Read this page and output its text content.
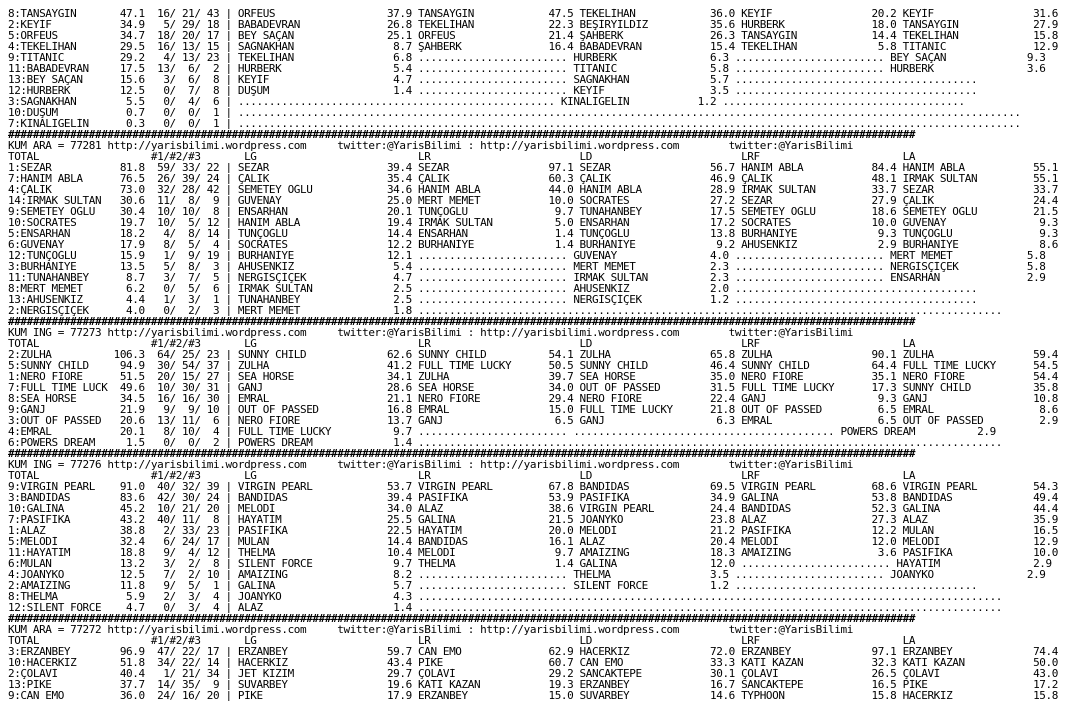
8:TANSAYGIN       47.1  16/ 21/ 43 | ORFEUS                  37.9 TANSAYGIN            47.5 TEKELİHAN            36.0 KEYİF                20.2 KEYİF                31.6
2:KEYİF           34.9   5/ 29/ 18 | BABADEVRAN              26.8 TEKELİHAN            22.3 BEŞİRYILDIZ          35.6 HÜRBERK              18.0 TANSAYGIN            27.9
5:ORFEUS          34.7  18/ 20/ 17 | BEY SAÇAN               25.1 ORFEUS               21.4 ŞAHBERK              26.3 TANSAYGIN            14.4 TEKELİHAN            15.8
4:TEKELİHAN       29.5  16/ 13/ 15 | SAĞNAKHAN                8.7 ŞAHBERK              16.4 BABADEVRAN           15.4 TEKELİHAN             5.8 TITANIC              12.9
9:TITANIC         29.2   4/ 13/ 23 | TEKELİHAN                6.8 ........................ HÜRBERK               6.3 ........................ BEY SAÇAN             9.3
11:BABADEVRAN     17.5  13/  6/  2 | HÜRBERK                  5.4 ........................ TITANIC               5.8 ........................ HÜRBERK               3.6
13:BEY SAÇAN      15.6   3/  6/  8 | KEYİF                    4.7 ........................ SAĞNAKHAN             5.7 .......................................
12:HÜRBERK        12.5   0/  7/  8 | DÜŞÜM                    1.4 ........................ KEYİF                 3.5 .......................................
3:SAĞNAKHAN        5.5   0/  4/  6 | ................................................... KINALIGELİN           1.2 .......................................
10:DÜŞÜM           0.7   0/  0/  1 | ..............................................................................................................................
7:KINALIGELİN      0.3   0/  0/  1 | ..............................................................................................................................
##################################################################################################################################################
KUM ARA = 77281 http://yarisbilimi.wordpress.com     twitter:@YarisBilimi : http://yarisbilimi.wordpress.com        twitter:@YarisBilimi
TOTAL                  #1/#2/#3       LG                          LR                        LD                        LRF                       LA
1:SEZAR           81.8  59/ 33/ 22 | SEZAR                   39.4 SEZAR                97.1 SEZAR                56.7 HANIM ABLA           84.4 HANIM ABLA           55.1
7:HANIM ABLA      76.5  26/ 39/ 24 | ÇALIK                   35.4 ÇALIK                60.3 ÇALIK                46.9 ÇALIK                48.1 IRMAK SULTAN         55.1
4:ÇALIK           73.0  32/ 28/ 42 | SEMETEY OĞLU            34.6 HANIM ABLA           44.0 HANIM ABLA           28.9 IRMAK SULTAN         33.7 SEZAR                33.7
14:IRMAK SULTAN   30.6  11/  8/  9 | GÜVENAY                 25.0 MERT MEMET           10.0 SOCRATES             27.2 SEZAR                27.9 ÇALIK                24.4
9:SEMETEY OĞLU    30.4  10/ 10/  8 | ENSARHAN                20.1 TUNÇOĞLU              9.7 TUNAHANBEY           17.5 SEMETEY OĞLU         18.6 SEMETEY OĞLU         21.5
10:SOCRATES       19.7  10/  5/ 12 | HANIM ABLA              19.4 IRMAK SULTAN          5.0 ENSARHAN             17.2 SOCRATES             10.0 GÜVENAY               9.3
5:ENSARHAN        18.2   4/  8/ 14 | TUNÇOĞLU                14.4 ENSARHAN              1.4 TUNÇOĞLU             13.8 BURHANİYE             9.3 TUNÇOĞLU              9.3
6:GÜVENAY         17.9   8/  5/  4 | SOCRATES                12.2 BURHANİYE             1.4 BURHANİYE             9.2 AHUSENKIZ             2.9 BURHANİYE             8.6
12:TUNÇOĞLU       15.9   1/  9/ 19 | BURHANİYE               12.1 ........................ GÜVENAY               4.0 ........................ MERT MEMET            5.8
3:BURHANİYE       13.5   5/  8/  3 | AHUSENKIZ                5.4 ........................ MERT MEMET            2.3 ........................ NERGİSÇİÇEK           5.8
11:TUNAHANBEY      8.7   3/  7/  5 | NERGİSÇİÇEK              4.7 ........................ IRMAK SULTAN          2.3 ........................ ENSARHAN              2.9
8:MERT MEMET       6.2   0/  5/  6 | IRMAK SULTAN             2.5 ........................ AHUSENKIZ             2.0 .......................................
13:AHUSENKIZ       4.4   1/  3/  1 | TUNAHANBEY               2.5 ........................ NERGİSÇİÇEK           1.2 .......................................
2:NERGİSÇİÇEK      4.0   0/  2/  3 | MERT MEMET               1.8 ..............................................................................................
##################################################################################################################################################
KUM ING = 77273 http://yarisbilimi.wordpress.com     twitter:@YarisBilimi : http://yarisbilimi.wordpress.com        twitter:@YarisBilimi
TOTAL                  #1/#2/#3       LG                          LR                        LD                        LRF                       LA
2:ZÜLHA          106.3  64/ 25/ 23 | SUNNY CHILD             62.6 SUNNY CHILD          54.1 ZÜLHA                65.8 ZÜLHA                90.1 ZÜLHA                59.4
5:SUNNY CHILD     94.9  30/ 54/ 37 | ZÜLHA                   41.2 FULL TIME LUCKY      50.5 SUNNY CHILD          46.4 SUNNY CHILD          64.4 FULL TIME LUCKY      54.5
1:NERO FIORE      51.5  20/ 15/ 27 | SEA HORSE               34.1 ZÜLHA                39.7 SEA HORSE            35.0 NERO FIORE           35.1 NERO FIORE           54.4
7:FULL TIME LUCK  49.6  10/ 30/ 31 | GANJ                    28.6 SEA HORSE            34.0 OUT OF PASSED        31.5 FULL TIME LUCKY      17.3 SUNNY CHILD          35.8
8:SEA HORSE       34.5  16/ 16/ 30 | EMRAL                   21.1 NERO FIORE           29.4 NERO FIORE           22.4 GANJ                  9.3 GANJ                 10.8
9:GANJ            21.9   9/  9/ 10 | OUT OF PASSED           16.8 EMRAL                15.0 FULL TIME LUCKY      21.8 OUT OF PASSED         6.5 EMRAL                 8.6
3:OUT OF PASSED   20.6  13/ 11/  6 | NERO FIORE              13.7 GANJ                  6.5 GANJ                  6.3 EMRAL                 6.5 OUT OF PASSED         2.9
4:EMRAL           20.1   8/ 10/  4 | FULL TIME LUCKY          9.7 ........................ .......................................... POWERS DREAM          2.9
6:POWERS DREAM     1.5   0/  0/  2 | POWERS DREAM             1.4 ..............................................................................................
##################################################################################################################################################
KUM ING = 77276 http://yarisbilimi.wordpress.com     twitter:@YarisBilimi : http://yarisbilimi.wordpress.com        twitter:@YarisBilimi
TOTAL                  #1/#2/#3       LG                          LR                        LD                        LRF                       LA
9:VIRGIN PEARL    91.0  40/ 32/ 39 | VIRGIN PEARL            53.7 VIRGIN PEARL         67.8 BANDİDAS             69.5 VIRGIN PEARL         68.6 VIRGIN PEARL         54.3
3:BANDİDAS        83.6  42/ 30/ 24 | BANDİDAS                39.4 PASİFİKA             53.9 PASİFİKA             34.9 GALINA               53.8 BANDİDAS             49.4
10:GALINA         45.2  10/ 21/ 20 | MELODİ                  34.0 ALAZ                 38.6 VIRGIN PEARL         24.4 BANDİDAS             52.3 GALINA               44.4
7:PASİFİKA        43.2  40/ 11/  8 | HAYATIM                 25.5 GALINA               21.5 JOANYKO              23.8 ALAZ                 27.3 ALAZ                 35.9
1:ALAZ            38.8   2/ 33/ 23 | PASİFİKA                22.5 HAYATIM              20.0 MELODİ               21.2 PASİFİKA             12.2 MULAN                16.5
5:MELODİ          32.4   6/ 24/ 17 | MULAN                   14.4 BANDİDAS             16.1 ALAZ                 20.4 MELODİ               12.0 MELODİ               12.9
11:HAYATIM        18.8   9/  4/ 12 | THELMA                  10.4 MELODİ                9.7 AMAIZING             18.3 AMAIZING              3.6 PASİFİKA             10.0
6:MULAN           13.2   3/  2/  8 | SILENT FORCE             9.7 THELMA                1.4 GALINA               12.0 ........................ HAYATIM               2.9
4:JOANYKO         12.5   7/  2/ 10 | AMAIZING                 8.2 ........................ THELMA                3.5 ........................ JOANYKO               2.9
2:AMAIZING        11.8   9/  5/  1 | GALINA                   5.7 ........................ SILENT FORCE          1.2 .......................................
8:THELMA           5.9   2/  3/  4 | JOANYKO                  4.3 ..............................................................................................
12:SILENT FORCE    4.7   0/  3/  4 | ALAZ                     1.4 ..............................................................................................
##################################################################################################################################################
KUM ARA = 77272 http://yarisbilimi.wordpress.com     twitter:@YarisBilimi : http://yarisbilimi.wordpress.com        twitter:@YarisBilimi
TOTAL                  #1/#2/#3       LG                          LR                        LD                        LRF                       LA
3:ERZANBEY        96.9  47/ 22/ 17 | ERZANBEY                59.7 CAN EMO              62.9 HACERKIZ             72.0 ERZANBEY             97.1 ERZANBEY             74.4
10:HACERKIZ       51.8  34/ 22/ 14 | HACERKIZ                43.4 PİKE                 60.7 CAN EMO              33.3 KATI KAZAN           32.3 KATI KAZAN           50.0
2:ÇOLAVİ          40.4   1/ 21/ 34 | JET KIZIM               29.7 ÇOLAVİ               29.2 SANCAKTEPE           30.1 ÇOLAVİ               26.5 ÇOLAVİ               43.0
13:PİKE           37.7  14/ 35/  9 | SUVARBEY                19.6 KATI KAZAN           19.3 ERZANBEY             16.7 SANCAKTEPE           16.5 PİKE                 17.2
9:CAN EMO         36.0  24/ 16/ 20 | PİKE                    17.9 ERZANBEY             15.0 SUVARBEY             14.6 TYPHOON              15.8 HACERKIZ             15.8
